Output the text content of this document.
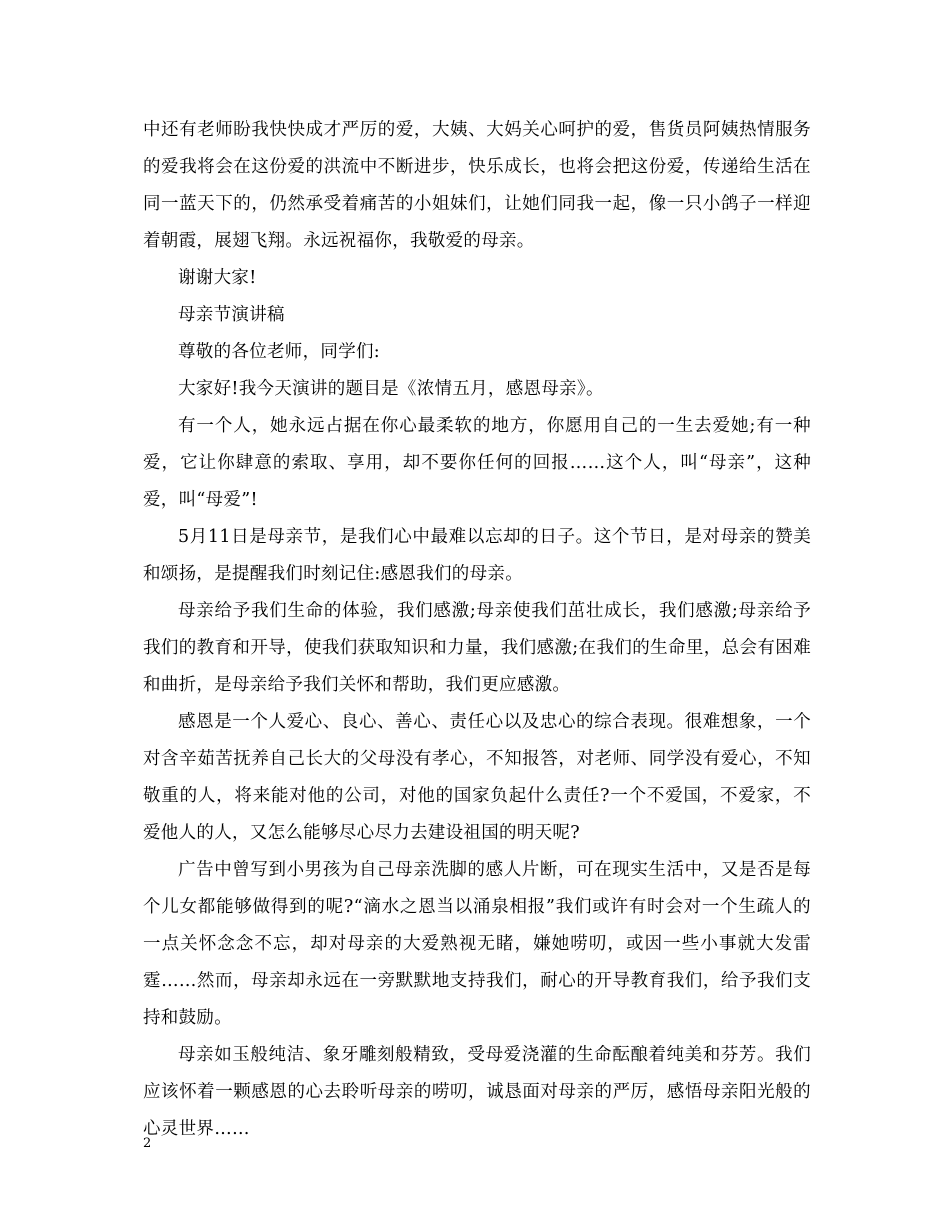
中还有老师盼我快快成才严厉的爱，大姨、大妈关心呵护的爱，售货员阿姨热情服务的爱我将会在这份爱的洪流中不断进步，快乐成长，也将会把这份爱，传递给生活在同一蓝天下的，仍然承受着痛苦的小姐妹们，让她们同我一起，像一只小鸽子一样迎着朝霞，展翅飞翔。永远祝福你，我敬爱的母亲。

谢谢大家!

母亲节演讲稿

尊敬的各位老师，同学们:

大家好!我今天演讲的题目是《浓情五月，感恩母亲》。

有一个人，她永远占据在你心最柔软的地方，你愿用自己的一生去爱她;有一种爱，它让你肆意的索取、享用，却不要你任何的回报……这个人，叫“母亲”，这种爱，叫“母爱”!

5月11日是母亲节，是我们心中最难以忘却的日子。这个节日，是对母亲的赞美和颂扬，是提醒我们时刻记住:感恩我们的母亲。

母亲给予我们生命的体验，我们感激;母亲使我们茁壮成长，我们感激;母亲给予我们的教育和开导，使我们获取知识和力量，我们感激;在我们的生命里，总会有困难和曲折，是母亲给予我们关怀和帮助，我们更应感激。

感恩是一个人爱心、良心、善心、责任心以及忠心的综合表现。很难想象，一个对含辛茹苦抚养自己长大的父母没有孝心，不知报答，对老师、同学没有爱心，不知敬重的人，将来能对他的公司，对他的国家负起什么责任?一个不爱国，不爱家，不爱他人的人，又怎么能够尽心尽力去建设祖国的明天呢?

广告中曾写到小男孩为自己母亲洗脚的感人片断，可在现实生活中，又是否是每个儿女都能够做得到的呢?“滴水之恩当以涌泉相报”我们或许有时会对一个生疏人的一点关怀念念不忘，却对母亲的大爱熟视无睹，嫌她唠叨，或因一些小事就大发雷霆……然而，母亲却永远在一旁默默地支持我们，耐心的开导教育我们，给予我们支持和鼓励。

母亲如玉般纯洁、象牙雕刻般精致，受母爱浇灌的生命酝酿着纯美和芬芳。我们应该怀着一颗感恩的心去聆听母亲的唠叨，诚恳面对母亲的严厉，感悟母亲阳光般的心灵世界……

2
